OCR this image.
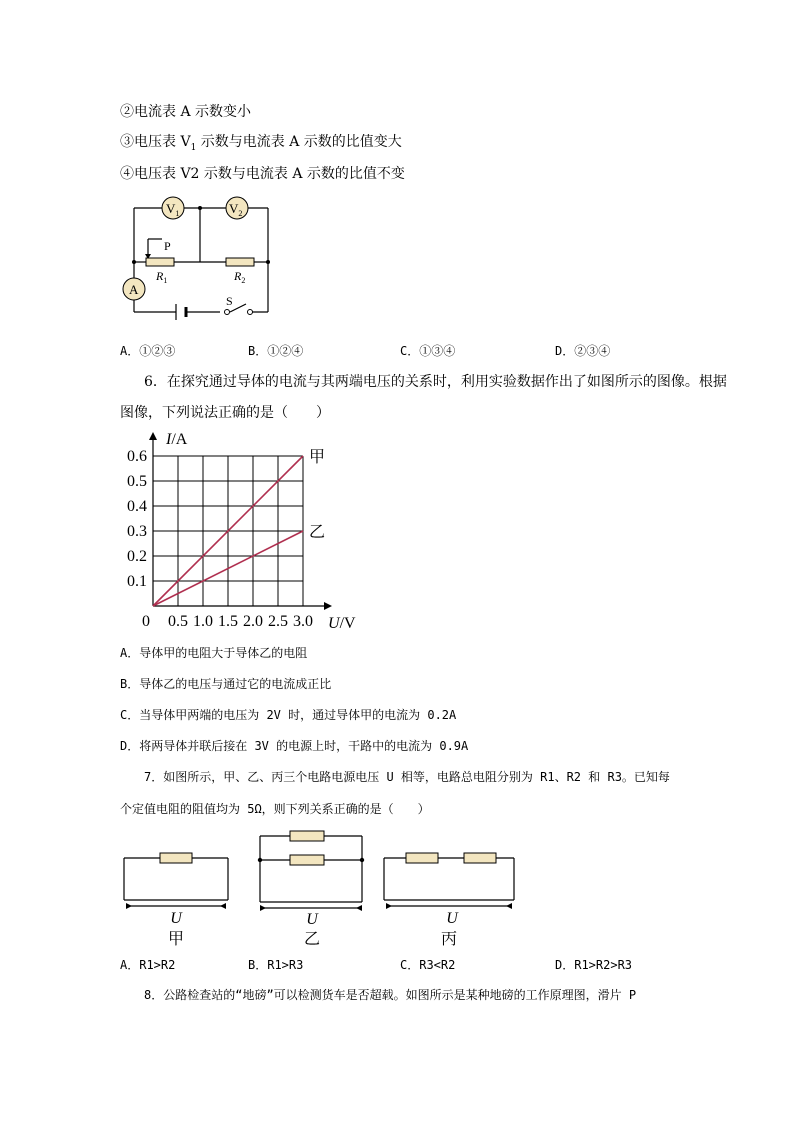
②电流表 A 示数变小
③电压表 $V_1$ 示数与电流表 A 示数的比值变大
④电压表 V2 示数与电流表 A 示数的比值不变
$V_1$	$V_2$
A
P
$R_1$	$R_2$
S
A．①②③	B．①②④	C．①③④	D．②③④
6．在探究通过导体的电流与其两端电压的关系时，利用实验数据作出了如图所示的图像。根据
图像，下列说法正确的是（　　）
甲
乙
0.5 1.0 1.5 2.0 2.5 3.0
0.1
0.2
0.3
0.4
0.5
0.6
I/A
U/V
0
A．导体甲的电阻大于导体乙的电阻
B．导体乙的电压与通过它的电流成正比
C．当导体甲两端的电压为 2V 时，通过导体甲的电流为 0.2A
D．将两导体并联后接在 3V 的电源上时，干路中的电流为 0.9A
7．如图所示，甲、乙、丙三个电路电源电压 U 相等，电路总电阻分别为 R1、R2 和 R3。已知每
个定值电阻的阻值均为 5Ω，则下列关系正确的是（　　）
U
甲
U
乙
U
丙
A．R1>R2	B．R1>R3	C．R3<R2	D．R1>R2>R3
8．公路检查站的“地磅”可以检测货车是否超载。如图所示是某种地磅的工作原理图，滑片 P
